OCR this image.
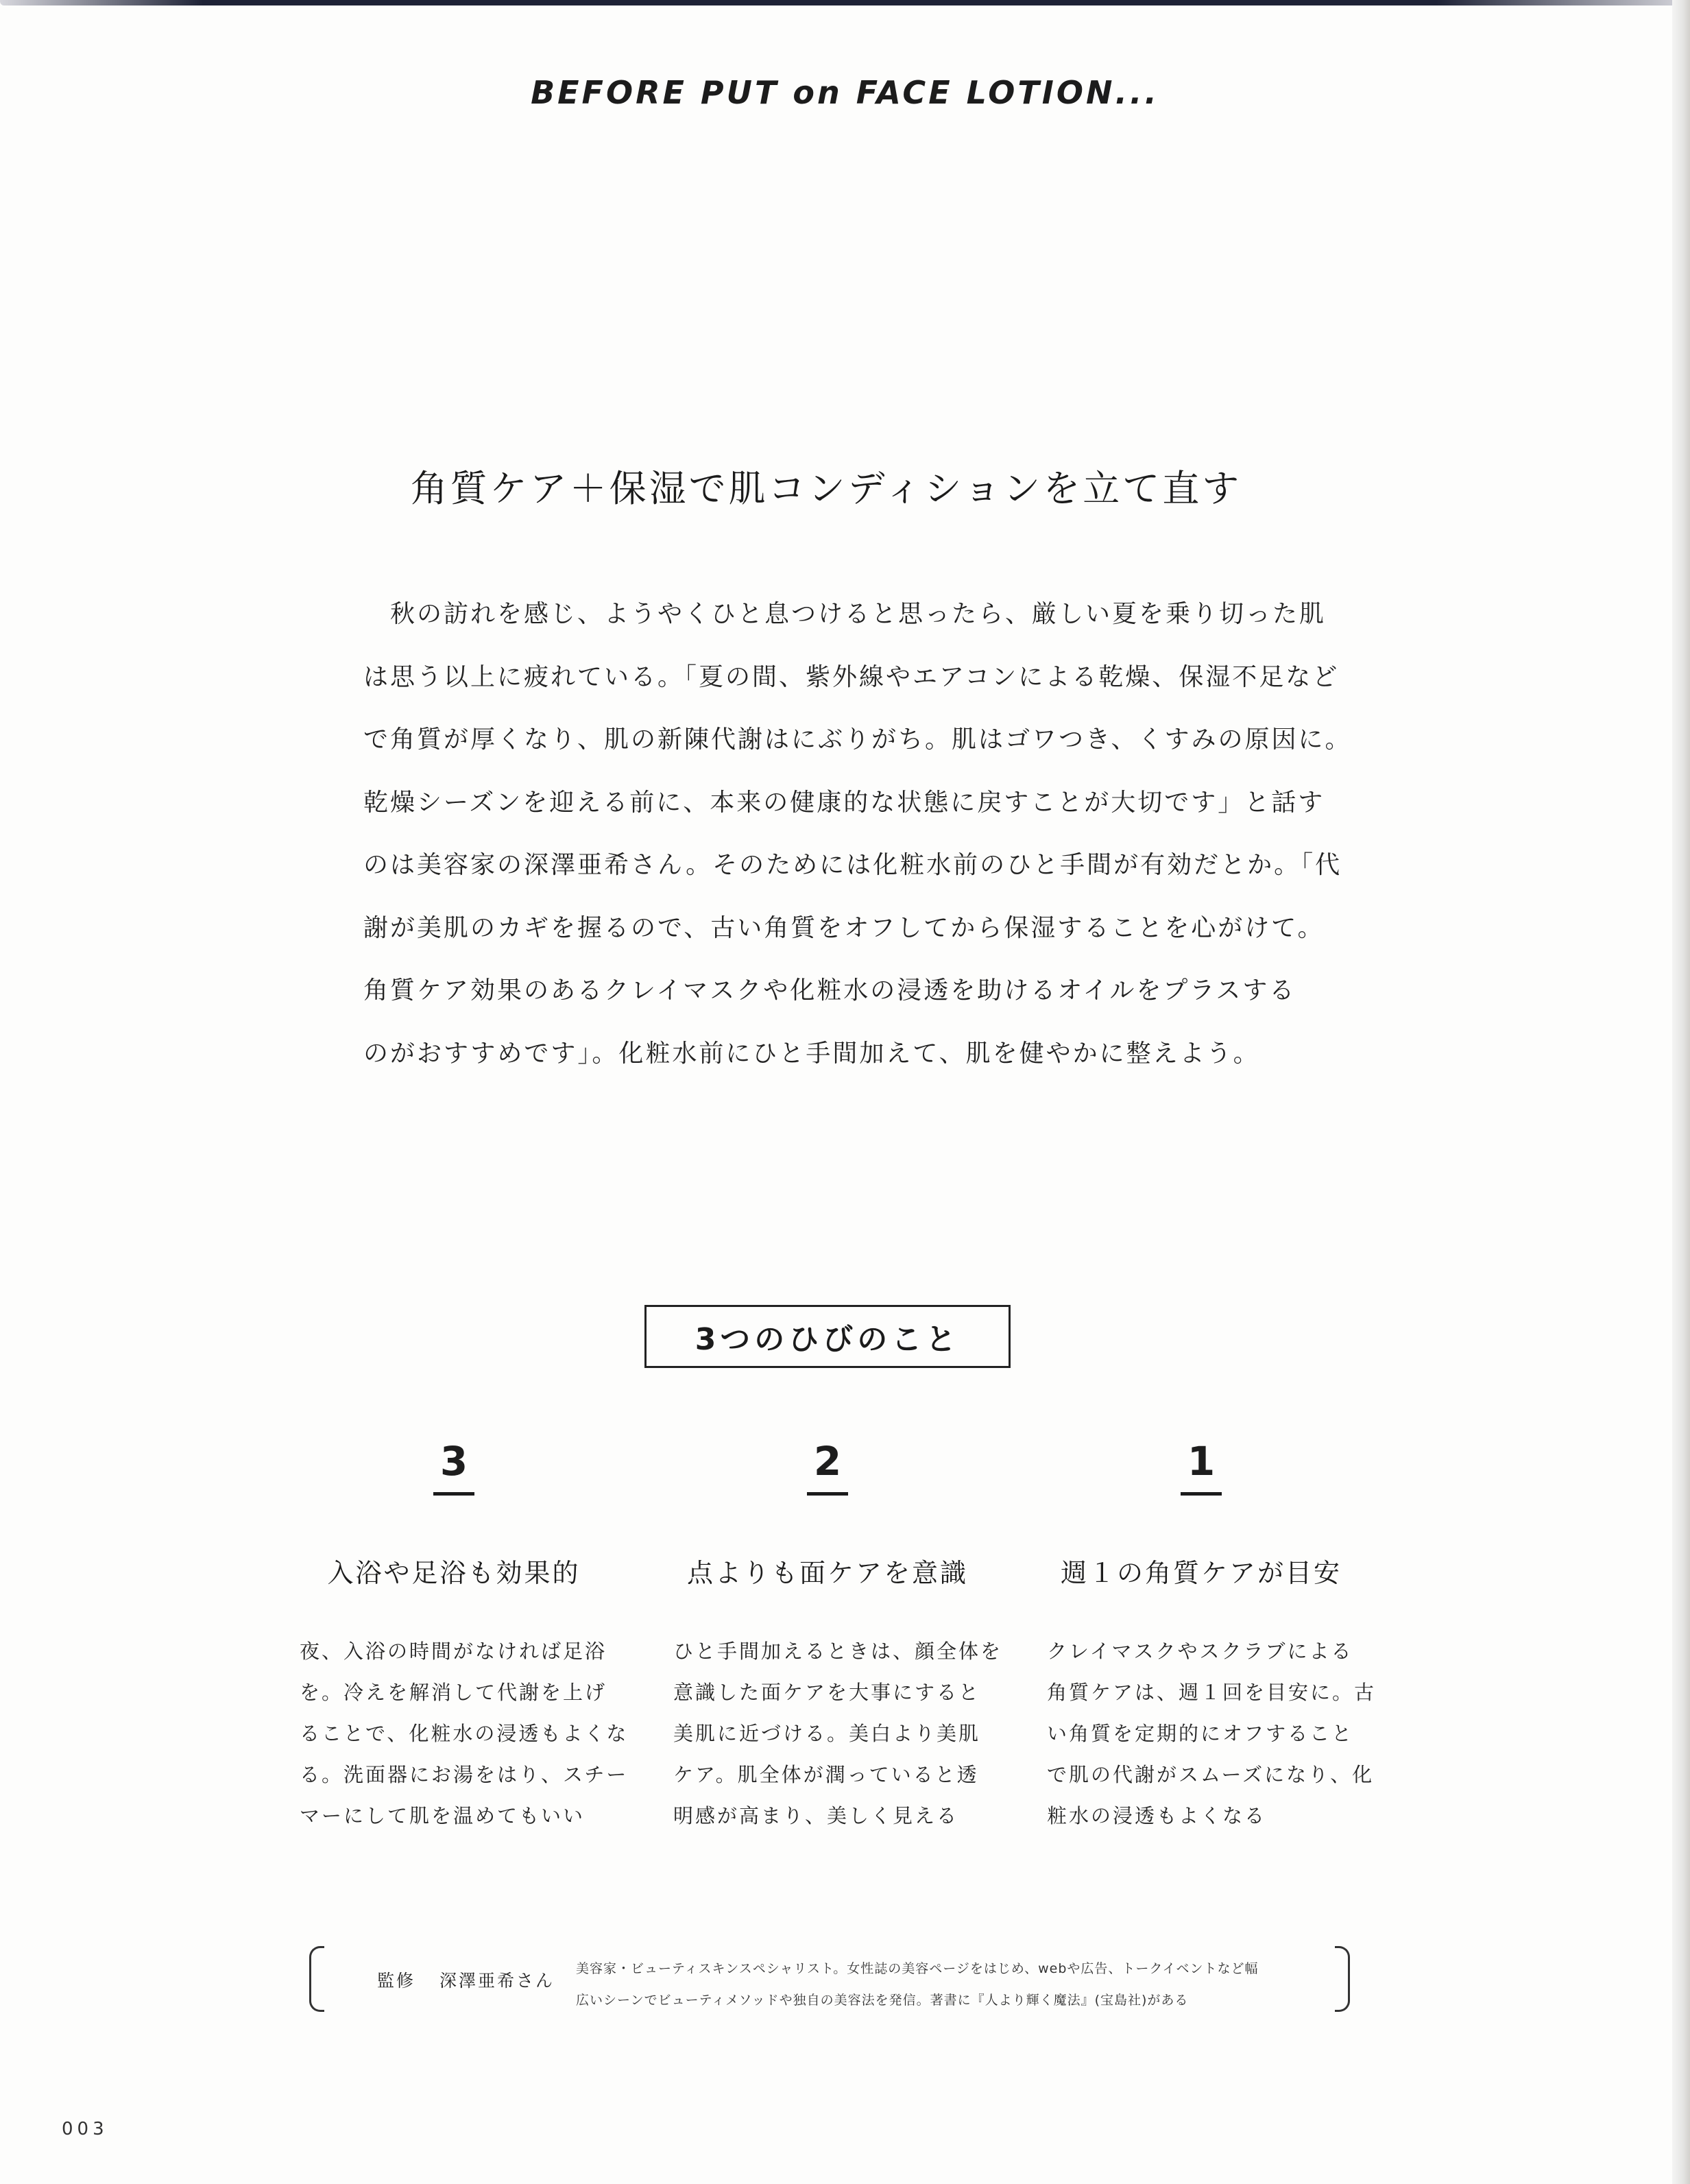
BEFORE PUT on FACE LOTION...
角質ケア＋保湿で肌コンディションを立て直す

　秋の訪れを感じ、ようやくひと息つけると思ったら、厳しい夏を乗り切った肌

は思う以上に疲れている。「夏の間、紫外線やエアコンによる乾燥、保湿不足など

で角質が厚くなり、肌の新陳代謝はにぶりがち。肌はゴワつき、くすみの原因に。

乾燥シーズンを迎える前に、本来の健康的な状態に戻すことが大切です」と話す

のは美容家の深澤亜希さん。そのためには化粧水前のひと手間が有効だとか。「代

謝が美肌のカギを握るので、古い角質をオフしてから保湿することを心がけて。

角質ケア効果のあるクレイマスクや化粧水の浸透を助けるオイルをプラスする

のがおすすめです」。化粧水前にひと手間加えて、肌を健やかに整えよう。

3つのひびのこと
3
入浴や足浴も効果的

夜、入浴の時間がなければ足浴

を。冷えを解消して代謝を上げ

ることで、化粧水の浸透もよくな

る。洗面器にお湯をはり、スチー

マーにして肌を温めてもいい

2
点よりも面ケアを意識

ひと手間加えるときは、顔全体を

意識した面ケアを大事にすると

美肌に近づける。美白より美肌

ケア。肌全体が潤っていると透

明感が高まり、美しく見える

1
週１の角質ケアが目安

クレイマスクやスクラブによる

角質ケアは、週１回を目安に。古

い角質を定期的にオフすること

で肌の代謝がスムーズになり、化

粧水の浸透もよくなる

監修 深澤亜希さん

美容家・ビューティスキンスペシャリスト。女性誌の美容ページをはじめ、webや広告、トークイベントなど幅

広いシーンでビューティメソッドや独自の美容法を発信。著書に『人より輝く魔法』(宝島社)がある

003
